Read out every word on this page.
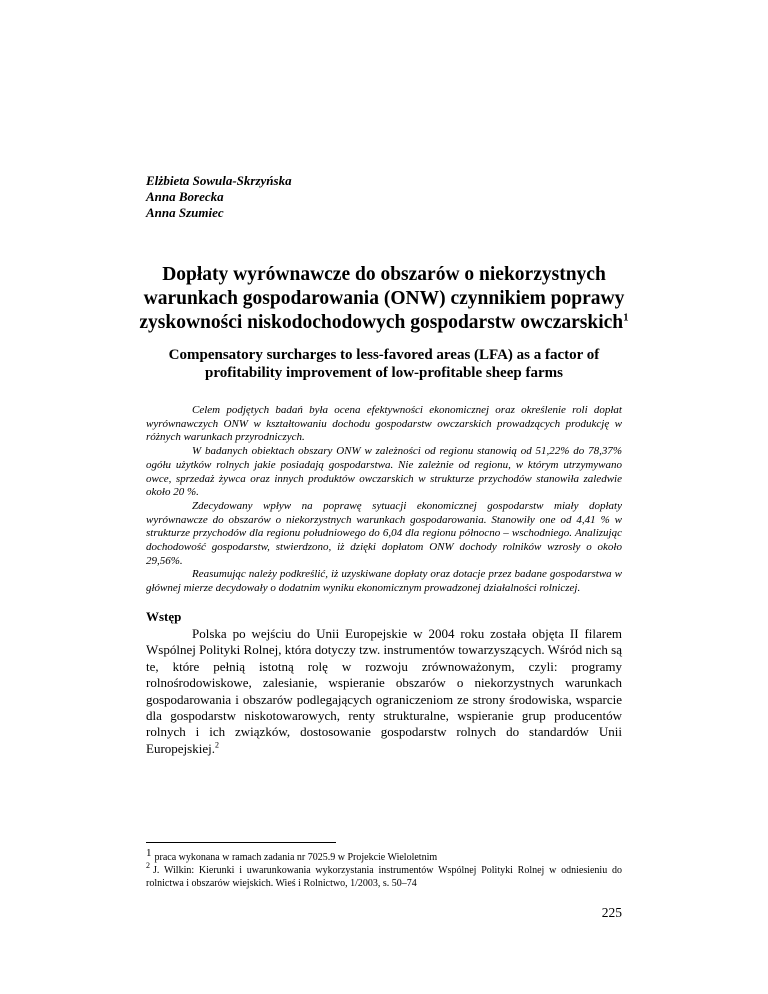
Elżbieta Sowula-Skrzyńska
Anna Borecka
Anna Szumiec
Dopłaty wyrównawcze do obszarów o niekorzystnych
warunkach gospodarowania (ONW) czynnikiem poprawy
zyskowności niskodochodowych gospodarstw owczarskich$^1$
Compensatory surcharges to less-favored areas (LFA) as a factor of
profitability improvement of low-profitable sheep farms

Celem podjętych badań była ocena efektywności ekonomicznej oraz określenie roli dopłat wyrównawczych ONW w kształtowaniu dochodu gospodarstw owczarskich prowadzących produkcję w różnych warunkach przyrodniczych.

W badanych obiektach obszary ONW w zależności od regionu stanowią od 51,22% do 78,37% ogółu użytków rolnych jakie posiadają gospodarstwa. Nie zależnie od regionu, w którym utrzymywano owce, sprzedaż żywca oraz innych produktów owczarskich w strukturze przychodów stanowiła zaledwie około 20 %.

Zdecydowany wpływ na poprawę sytuacji ekonomicznej gospodarstw miały dopłaty wyrównawcze do obszarów o niekorzystnych warunkach gospodarowania. Stanowiły one od 4,41 % w strukturze przychodów dla regionu południowego do 6,04 dla regionu północno – wschodniego. Analizując dochodowość gospodarstw, stwierdzono, iż dzięki dopłatom ONW dochody rolników wzrosły o około 29,56%.

Reasumując należy podkreślić, iż uzyskiwane dopłaty oraz dotacje przez badane gospodarstwa w głównej mierze decydowały o dodatnim wyniku ekonomicznym prowadzonej działalności rolniczej.

Wstęp

Polska po wejściu do Unii Europejskie w 2004 roku została objęta II filarem Wspólnej Polityki Rolnej, która dotyczy tzw. instrumentów towarzyszących. Wśród nich są te, które pełnią istotną rolę w rozwoju zrównoważonym, czyli: programy rolnośrodowiskowe, zalesianie, wspieranie obszarów o niekorzystnych warunkach gospodarowania i obszarów podlegających ograniczeniom ze strony środowiska, wsparcie dla gospodarstw niskotowarowych, renty strukturalne, wspieranie grup producentów rolnych i ich związków, dostosowanie gospodarstw rolnych do standardów Unii Europejskiej.$^2$

1 praca wykonana w ramach zadania nr 7025.9 w Projekcie Wieloletnim

$^2$ J. Wilkin: Kierunki i uwarunkowania wykorzystania instrumentów Wspólnej Polityki Rolnej w odniesieniu do rolnictwa i obszarów wiejskich. Wieś i Rolnictwo, 1/2003, s. 50–74

225
